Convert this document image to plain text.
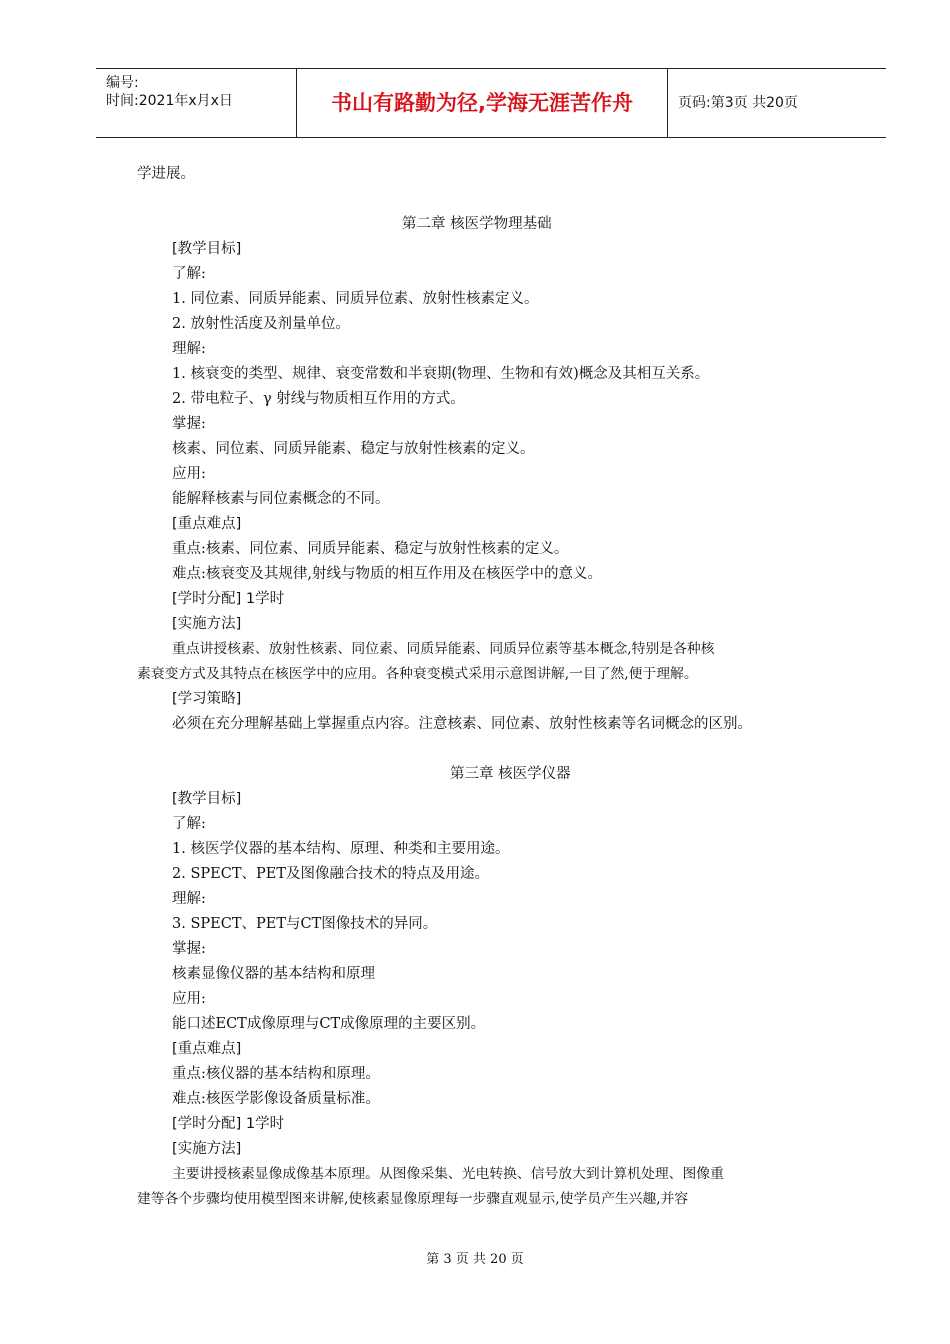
编号:
时间:2021年x月x日	书山有路勤为径,学海无涯苦作舟	页码:第3页 共20页
学进展。
第二章 核医学物理基础
[教学目标]
了解:
1. 同位素、同质异能素、同质异位素、放射性核素定义。
2. 放射性活度及剂量单位。
理解:
1. 核衰变的类型、规律、衰变常数和半衰期(物理、生物和有效)概念及其相互关系。
2. 带电粒子、γ 射线与物质相互作用的方式。
掌握:
核素、同位素、同质异能素、稳定与放射性核素的定义。
应用:
能解释核素与同位素概念的不同。
[重点难点]
重点:核素、同位素、同质异能素、稳定与放射性核素的定义。
难点:核衰变及其规律,射线与物质的相互作用及在核医学中的意义。
[学时分配] 1学时
[实施方法]
重点讲授核素、放射性核素、同位素、同质异能素、同质异位素等基本概念,特别是各种核
素衰变方式及其特点在核医学中的应用。各种衰变模式采用示意图讲解,一目了然,便于理解。
[学习策略]
必须在充分理解基础上掌握重点内容。注意核素、同位素、放射性核素等名词概念的区别。
第三章 核医学仪器
[教学目标]
了解:
1. 核医学仪器的基本结构、原理、种类和主要用途。
2. SPECT、PET及图像融合技术的特点及用途。
理解:
3. SPECT、PET与CT图像技术的异同。
掌握:
核素显像仪器的基本结构和原理
应用:
能口述ECT成像原理与CT成像原理的主要区别。
[重点难点]
重点:核仪器的基本结构和原理。
难点:核医学影像设备质量标准。
[学时分配] 1学时
[实施方法]
主要讲授核素显像成像基本原理。从图像采集、光电转换、信号放大到计算机处理、图像重
建等各个步骤均使用模型图来讲解,使核素显像原理每一步骤直观显示,使学员产生兴趣,并容
第 3 页 共 20 页
